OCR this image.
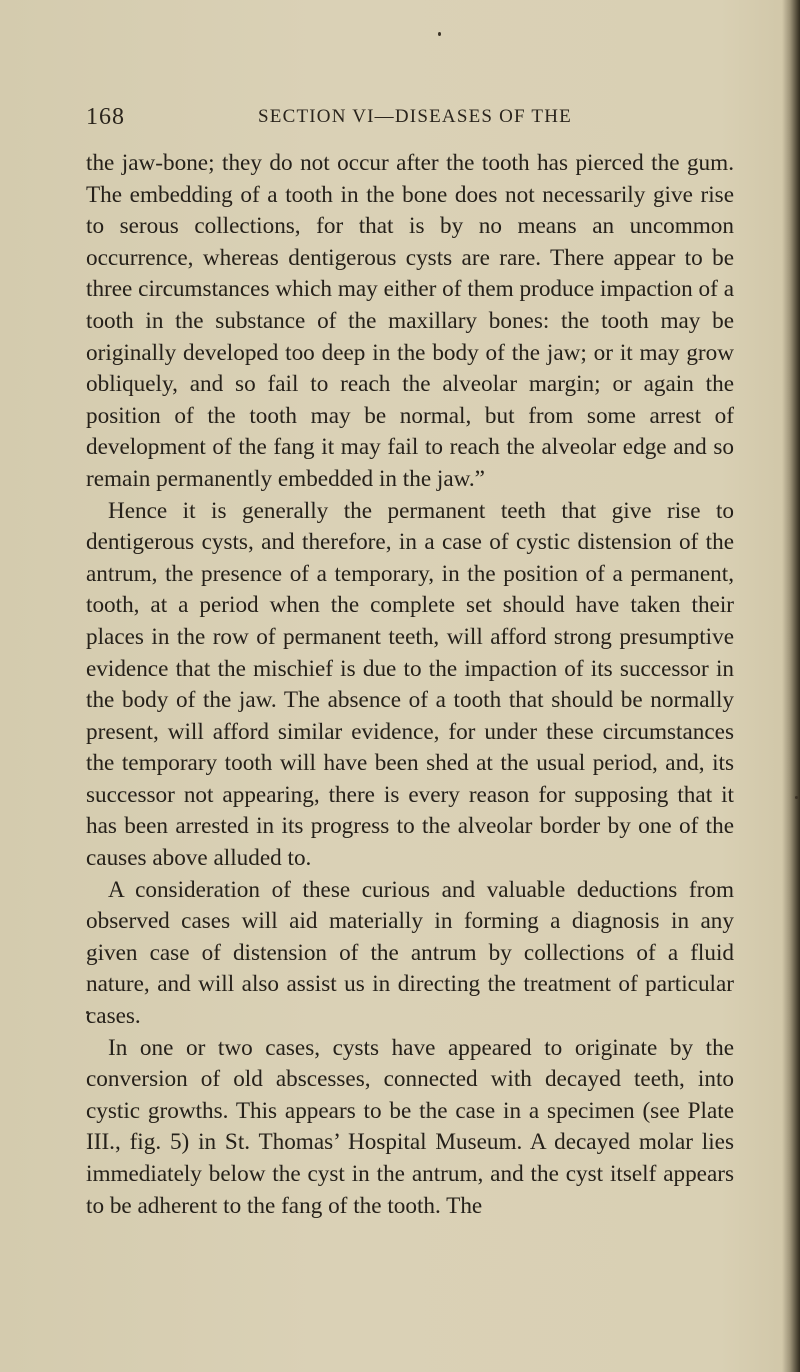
168	SECTION VI—DISEASES OF THE

the jaw-bone; they do not occur after the tooth has pierced the gum. The embedding of a tooth in the bone does not necessarily give rise to serous collections, for that is by no means an uncommon occurrence, whereas dentigerous cysts are rare. There appear to be three circumstances which may either of them produce impaction of a tooth in the substance of the maxillary bones: the tooth may be originally developed too deep in the body of the jaw; or it may grow obliquely, and so fail to reach the alveolar margin; or again the position of the tooth may be normal, but from some arrest of development of the fang it may fail to reach the alveolar edge and so remain permanently embedded in the jaw.”

Hence it is generally the permanent teeth that give rise to dentigerous cysts, and therefore, in a case of cystic distension of the antrum, the presence of a temporary, in the position of a permanent, tooth, at a period when the complete set should have taken their places in the row of permanent teeth, will afford strong presumptive evidence that the mischief is due to the impaction of its successor in the body of the jaw. The absence of a tooth that should be normally present, will afford similar evidence, for under these circumstances the temporary tooth will have been shed at the usual period, and, its successor not appearing, there is every reason for supposing that it has been arrested in its progress to the alveolar border by one of the causes above alluded to.

A consideration of these curious and valuable deductions from observed cases will aid materially in forming a diagnosis in any given case of distension of the antrum by collections of a fluid nature, and will also assist us in directing the treatment of particular cases.

In one or two cases, cysts have appeared to originate by the conversion of old abscesses, connected with decayed teeth, into cystic growths. This appears to be the case in a specimen (see Plate III., fig. 5) in St. Thomas’ Hospital Museum. A decayed molar lies immediately below the cyst in the antrum, and the cyst itself appears to be adherent to the fang of the tooth. The
